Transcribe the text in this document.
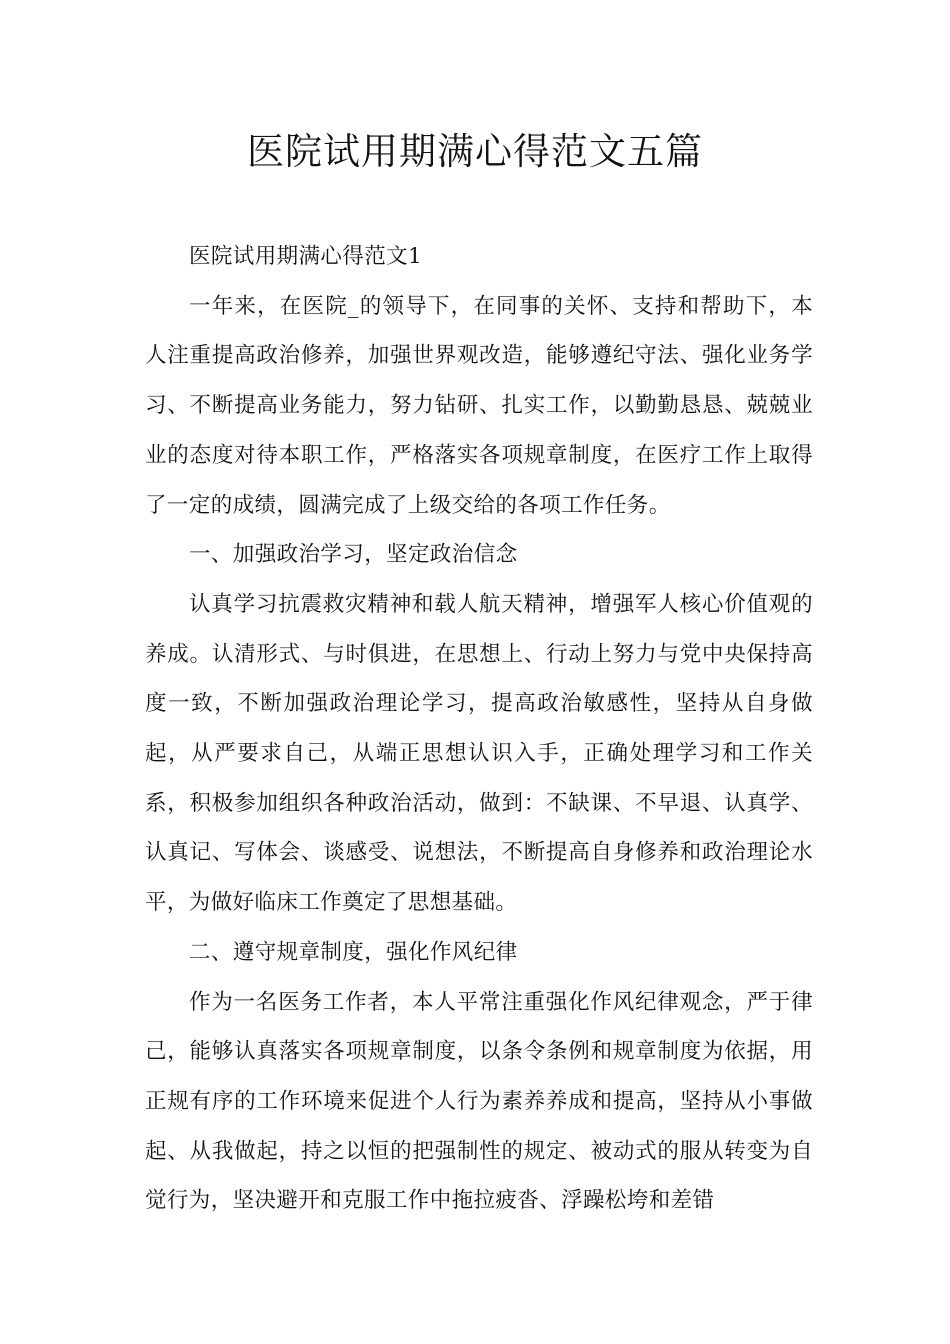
医院试用期满心得范文五篇

医院试用期满心得范文1

一年来，在医院_的领导下，在同事的关怀、支持和帮助下，本人注重提高政治修养，加强世界观改造，能够遵纪守法、强化业务学习、不断提高业务能力，努力钻研、扎实工作，以勤勤恳恳、兢兢业业的态度对待本职工作，严格落实各项规章制度，在医疗工作上取得了一定的成绩，圆满完成了上级交给的各项工作任务。

一、加强政治学习，坚定政治信念

认真学习抗震救灾精神和载人航天精神，增强军人核心价值观的养成。认清形式、与时俱进，在思想上、行动上努力与党中央保持高度一致，不断加强政治理论学习，提高政治敏感性，坚持从自身做起，从严要求自己，从端正思想认识入手，正确处理学习和工作关系，积极参加组织各种政治活动，做到：不缺课、不早退、认真学、认真记、写体会、谈感受、说想法，不断提高自身修养和政治理论水平，为做好临床工作奠定了思想基础。

二、遵守规章制度，强化作风纪律

作为一名医务工作者，本人平常注重强化作风纪律观念，严于律己，能够认真落实各项规章制度，以条令条例和规章制度为依据，用正规有序的工作环境来促进个人行为素养养成和提高，坚持从小事做起、从我做起，持之以恒的把强制性的规定、被动式的服从转变为自觉行为，坚决避开和克服工作中拖拉疲沓、浮躁松垮和差错
